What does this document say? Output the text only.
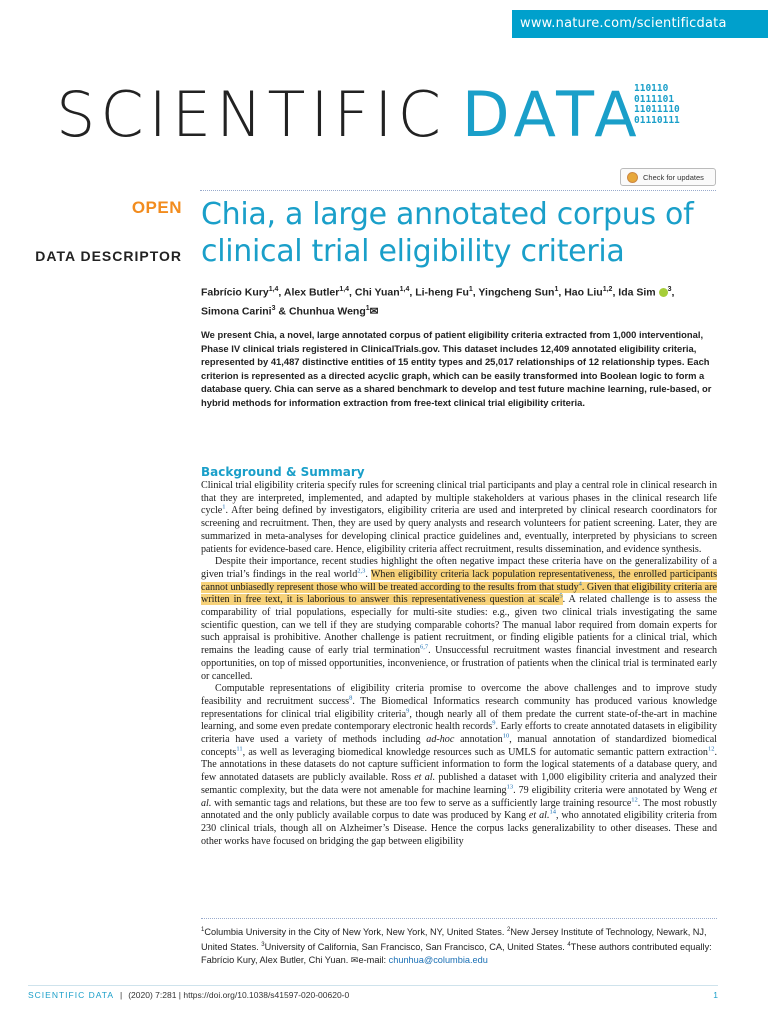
www.nature.com/scientificdata
SCIENTIFIC DATA
110110
0111101
11011110
01110111
Check for updates
OPEN
DATA DESCRIPTOR
Chia, a large annotated corpus of clinical trial eligibility criteria
Fabrício Kury$^{1,4}$, Alex Butler$^{1,4}$, Chi Yuan$^{1,4}$, Li-heng Fu$^1$, Yingcheng Sun$^1$, Hao Liu$^{1,2}$, Ida Sim $^3$,
Simona Carini$^3$ & Chunhua Weng$^1$✉
We present Chia, a novel, large annotated corpus of patient eligibility criteria extracted from 1,000 interventional, Phase IV clinical trials registered in ClinicalTrials.gov. This dataset includes 12,409 annotated eligibility criteria, represented by 41,487 distinctive entities of 15 entity types and 25,017 relationships of 12 relationship types. Each criterion is represented as a directed acyclic graph, which can be easily transformed into Boolean logic to form a database query. Chia can serve as a shared benchmark to develop and test future machine learning, rule-based, or hybrid methods for information extraction from free-text clinical trial eligibility criteria.
Background & Summary

Clinical trial eligibility criteria specify rules for screening clinical trial participants and play a central role in clinical research in that they are interpreted, implemented, and adapted by multiple stakeholders at various phases in the clinical research life cycle$^1$. After being defined by investigators, eligibility criteria are used and interpreted by clinical research coordinators for screening and recruitment. Then, they are used by query analysts and research volunteers for patient screening. Later, they are summarized in meta-analyses for developing clinical practice guidelines and, eventually, interpreted by physicians to screen patients for evidence-based care. Hence, eligibility criteria affect recruitment, results dissemination, and evidence synthesis.

Despite their importance, recent studies highlight the often negative impact these criteria have on the generalizability of a given trial’s findings in the real world$^{2,3}$. When eligibility criteria lack population representativeness, the enrolled participants cannot unbiasedly represent those who will be treated according to the results from that study$^4$. Given that eligibility criteria are written in free text, it is laborious to answer this representativeness question at scale$^5$. A related challenge is to assess the comparability of trial populations, especially for multi-site studies: e.g., given two clinical trials investigating the same scientific question, can we tell if they are studying comparable cohorts? The manual labor required from domain experts for such appraisal is prohibitive. Another challenge is patient recruitment, or finding eligible patients for a clinical trial, which remains the leading cause of early trial termination$^{6,7}$. Unsuccessful recruitment wastes financial investment and research opportunities, on top of missed opportunities, inconvenience, or frustration of patients when the clinical trial is terminated early or cancelled.

Computable representations of eligibility criteria promise to overcome the above challenges and to improve study feasibility and recruitment success$^8$. The Biomedical Informatics research community has produced various knowledge representations for clinical trial eligibility criteria$^9$, though nearly all of them predate the current state-of-the-art in machine learning, and some even predate contemporary electronic health records$^9$. Early efforts to create annotated datasets in eligibility criteria have used a variety of methods including ad-hoc annotation$^{10}$, manual annotation of standardized biomedical concepts$^{11}$, as well as leveraging biomedical knowledge resources such as UMLS for automatic semantic pattern extraction$^{12}$. The annotations in these datasets do not capture sufficient information to form the logical statements of a database query, and few annotated datasets are publicly available. Ross et al. published a dataset with 1,000 eligibility criteria and analyzed their semantic complexity, but the data were not amenable for machine learning$^{13}$. 79 eligibility criteria were annotated by Weng et al. with semantic tags and relations, but these are too few to serve as a sufficiently large training resource$^{12}$. The most robustly annotated and the only publicly available corpus to date was produced by Kang et al.$^{14}$, who annotated eligibility criteria from 230 clinical trials, though all on Alzheimer’s Disease. Hence the corpus lacks generalizability to other diseases. These and other works have focused on bridging the gap between eligibility

$^1$Columbia University in the City of New York, New York, NY, United States. $^2$New Jersey Institute of Technology, Newark, NJ, United States. $^3$University of California, San Francisco, San Francisco, CA, United States. $^4$These authors contributed equally: Fabrício Kury, Alex Butler, Chi Yuan. ✉e-mail: chunhua@columbia.edu
SCIENTIFIC DATA | (2020) 7:281 | https://doi.org/10.1038/s41597-020-00620-0	1
